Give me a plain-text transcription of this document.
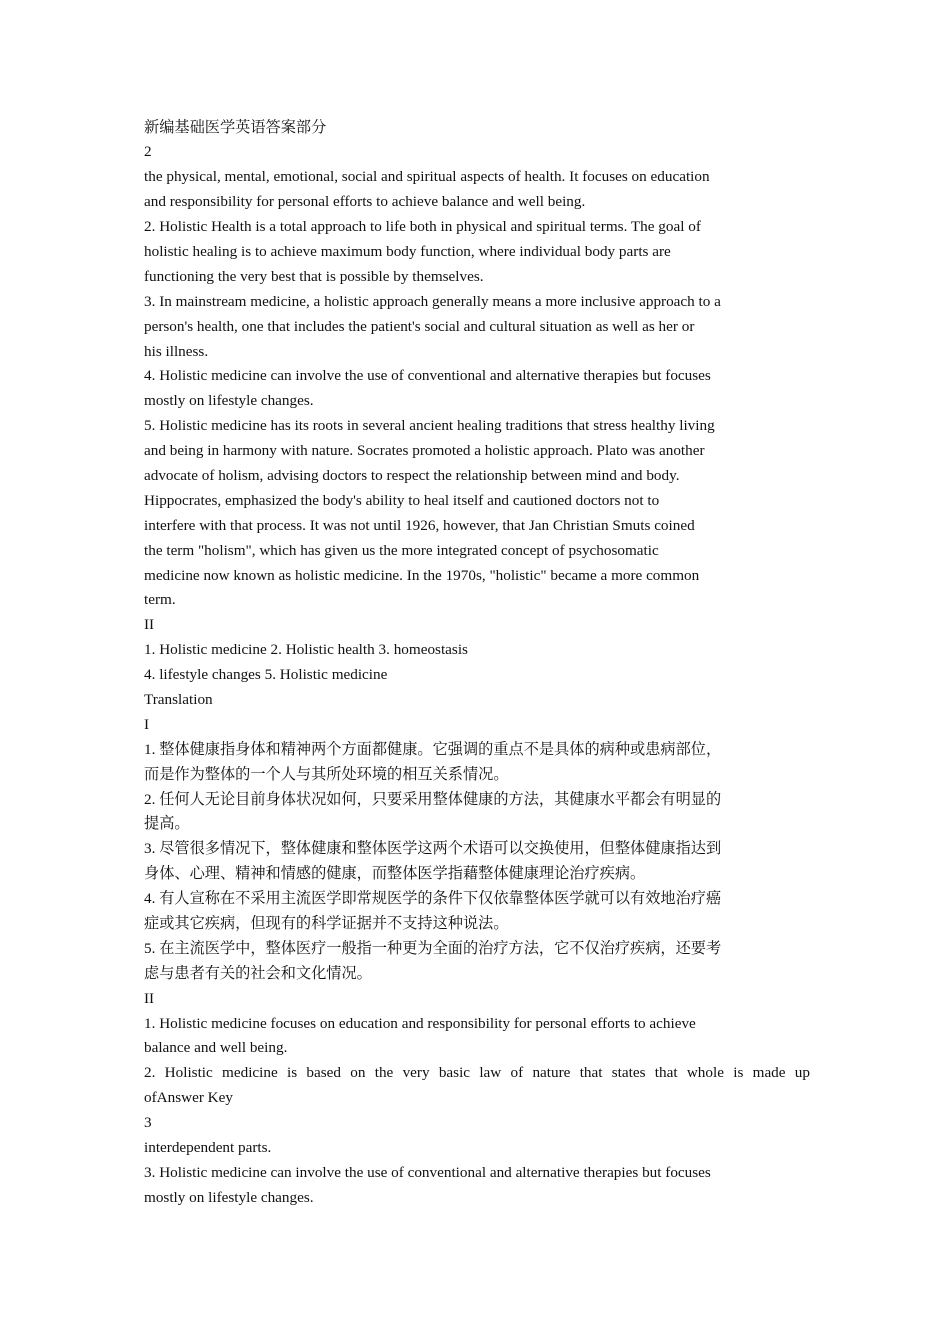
新编基础医学英语答案部分

2

the physical, mental, emotional, social and spiritual aspects of health. It focuses on education

and responsibility for personal efforts to achieve balance and well being.

2. Holistic Health is a total approach to life both in physical and spiritual terms. The goal of

holistic healing is to achieve maximum body function, where individual body parts are

functioning the very best that is possible by themselves.

3. In mainstream medicine, a holistic approach generally means a more inclusive approach to a

person's health, one that includes the patient's social and cultural situation as well as her or

his illness.

4. Holistic medicine can involve the use of conventional and alternative therapies but focuses

mostly on lifestyle changes.

5. Holistic medicine has its roots in several ancient healing traditions that stress healthy living

and being in harmony with nature. Socrates promoted a holistic approach. Plato was another

advocate of holism, advising doctors to respect the relationship between mind and body.

Hippocrates, emphasized the body's ability to heal itself and cautioned doctors not to

interfere with that process. It was not until 1926, however, that Jan Christian Smuts coined

the term "holism", which has given us the more integrated concept of psychosomatic

medicine now known as holistic medicine. In the 1970s, "holistic" became a more common

term.

II

1. Holistic medicine 2. Holistic health 3. homeostasis

4. lifestyle changes 5. Holistic medicine

Translation

I

1. 整体健康指身体和精神两个方面都健康。它强调的重点不是具体的病种或患病部位，

而是作为整体的一个人与其所处环境的相互关系情况。

2. 任何人无论目前身体状况如何，只要采用整体健康的方法，其健康水平都会有明显的

提高。

3. 尽管很多情况下，整体健康和整体医学这两个术语可以交换使用，但整体健康指达到

身体、心理、精神和情感的健康，而整体医学指藉整体健康理论治疗疾病。

4. 有人宣称在不采用主流医学即常规医学的条件下仅依靠整体医学就可以有效地治疗癌

症或其它疾病，但现有的科学证据并不支持这种说法。

5. 在主流医学中，整体医疗一般指一种更为全面的治疗方法，它不仅治疗疾病，还要考

虑与患者有关的社会和文化情况。

II

1. Holistic medicine focuses on education and responsibility for personal efforts to achieve

balance and well being.

2. Holistic medicine is based on the very basic law of nature that states that whole is made up

ofAnswer Key

3

interdependent parts.

3. Holistic medicine can involve the use of conventional and alternative therapies but focuses

mostly on lifestyle changes.
